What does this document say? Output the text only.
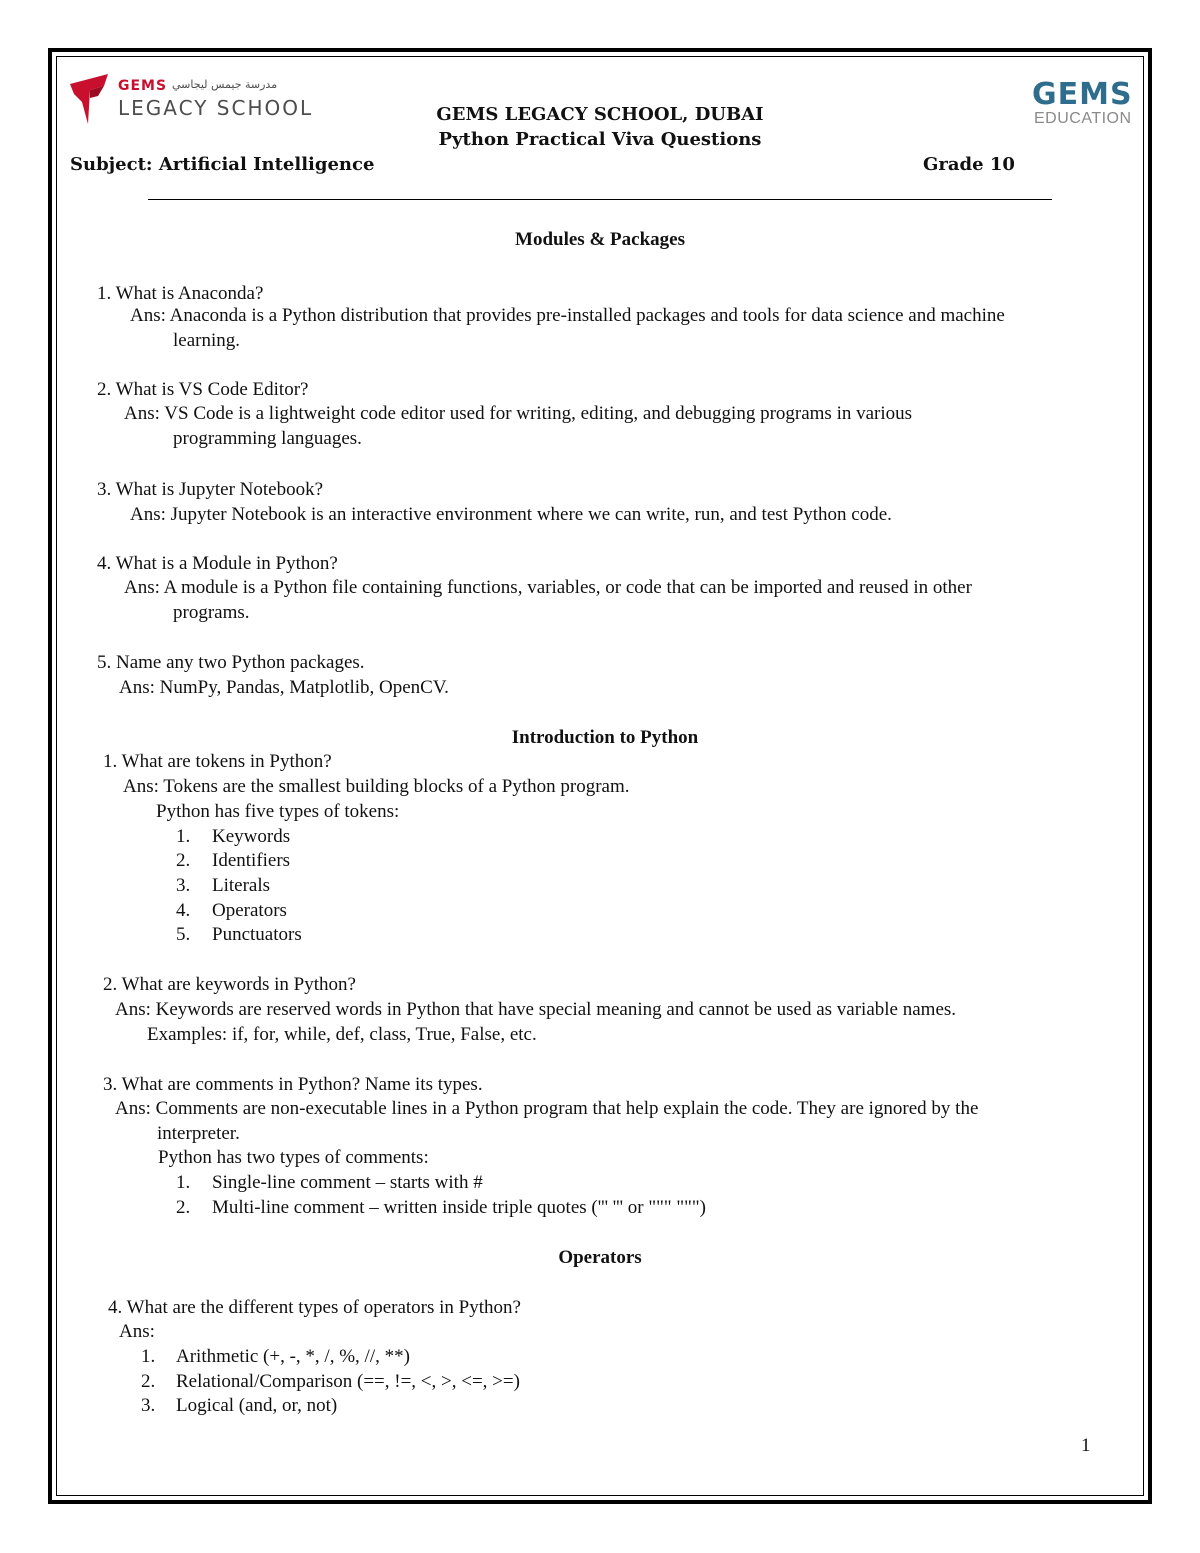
GEMS مدرسة جيمس ليجاسي
LEGACY SCHOOL	GEMS
EDUCATION
GEMS LEGACY SCHOOL, DUBAI
Python Practical Viva Questions
Subject: Artificial Intelligence	Grade 10
Modules & Packages
1. What is Anaconda?
Ans: Anaconda is a Python distribution that provides pre-installed packages and tools for data science and machine
learning.
2. What is VS Code Editor?
Ans: VS Code is a lightweight code editor used for writing, editing, and debugging programs in various
programming languages.
3. What is Jupyter Notebook?
Ans: Jupyter Notebook is an interactive environment where we can write, run, and test Python code.
4. What is a Module in Python?
Ans: A module is a Python file containing functions, variables, or code that can be imported and reused in other
programs.
5. Name any two Python packages.
Ans: NumPy, Pandas, Matplotlib, OpenCV.
Introduction to Python
1. What are tokens in Python?
Ans: Tokens are the smallest building blocks of a Python program.
Python has five types of tokens:
1. Keywords
2. Identifiers
3. Literals
4. Operators
5. Punctuators
2. What are keywords in Python?
Ans: Keywords are reserved words in Python that have special meaning and cannot be used as variable names.
Examples: if, for, while, def, class, True, False, etc.
3. What are comments in Python? Name its types.
Ans: Comments are non-executable lines in a Python program that help explain the code. They are ignored by the
interpreter.
Python has two types of comments:
1. Single-line comment – starts with #
2. Multi-line comment – written inside triple quotes (''' ''' or """ """)
Operators
4. What are the different types of operators in Python?
Ans:
1. Arithmetic (+, -, *, /, %, //, **)
2. Relational/Comparison (==, !=, <, >, <=, >=)
3. Logical (and, or, not)
1
